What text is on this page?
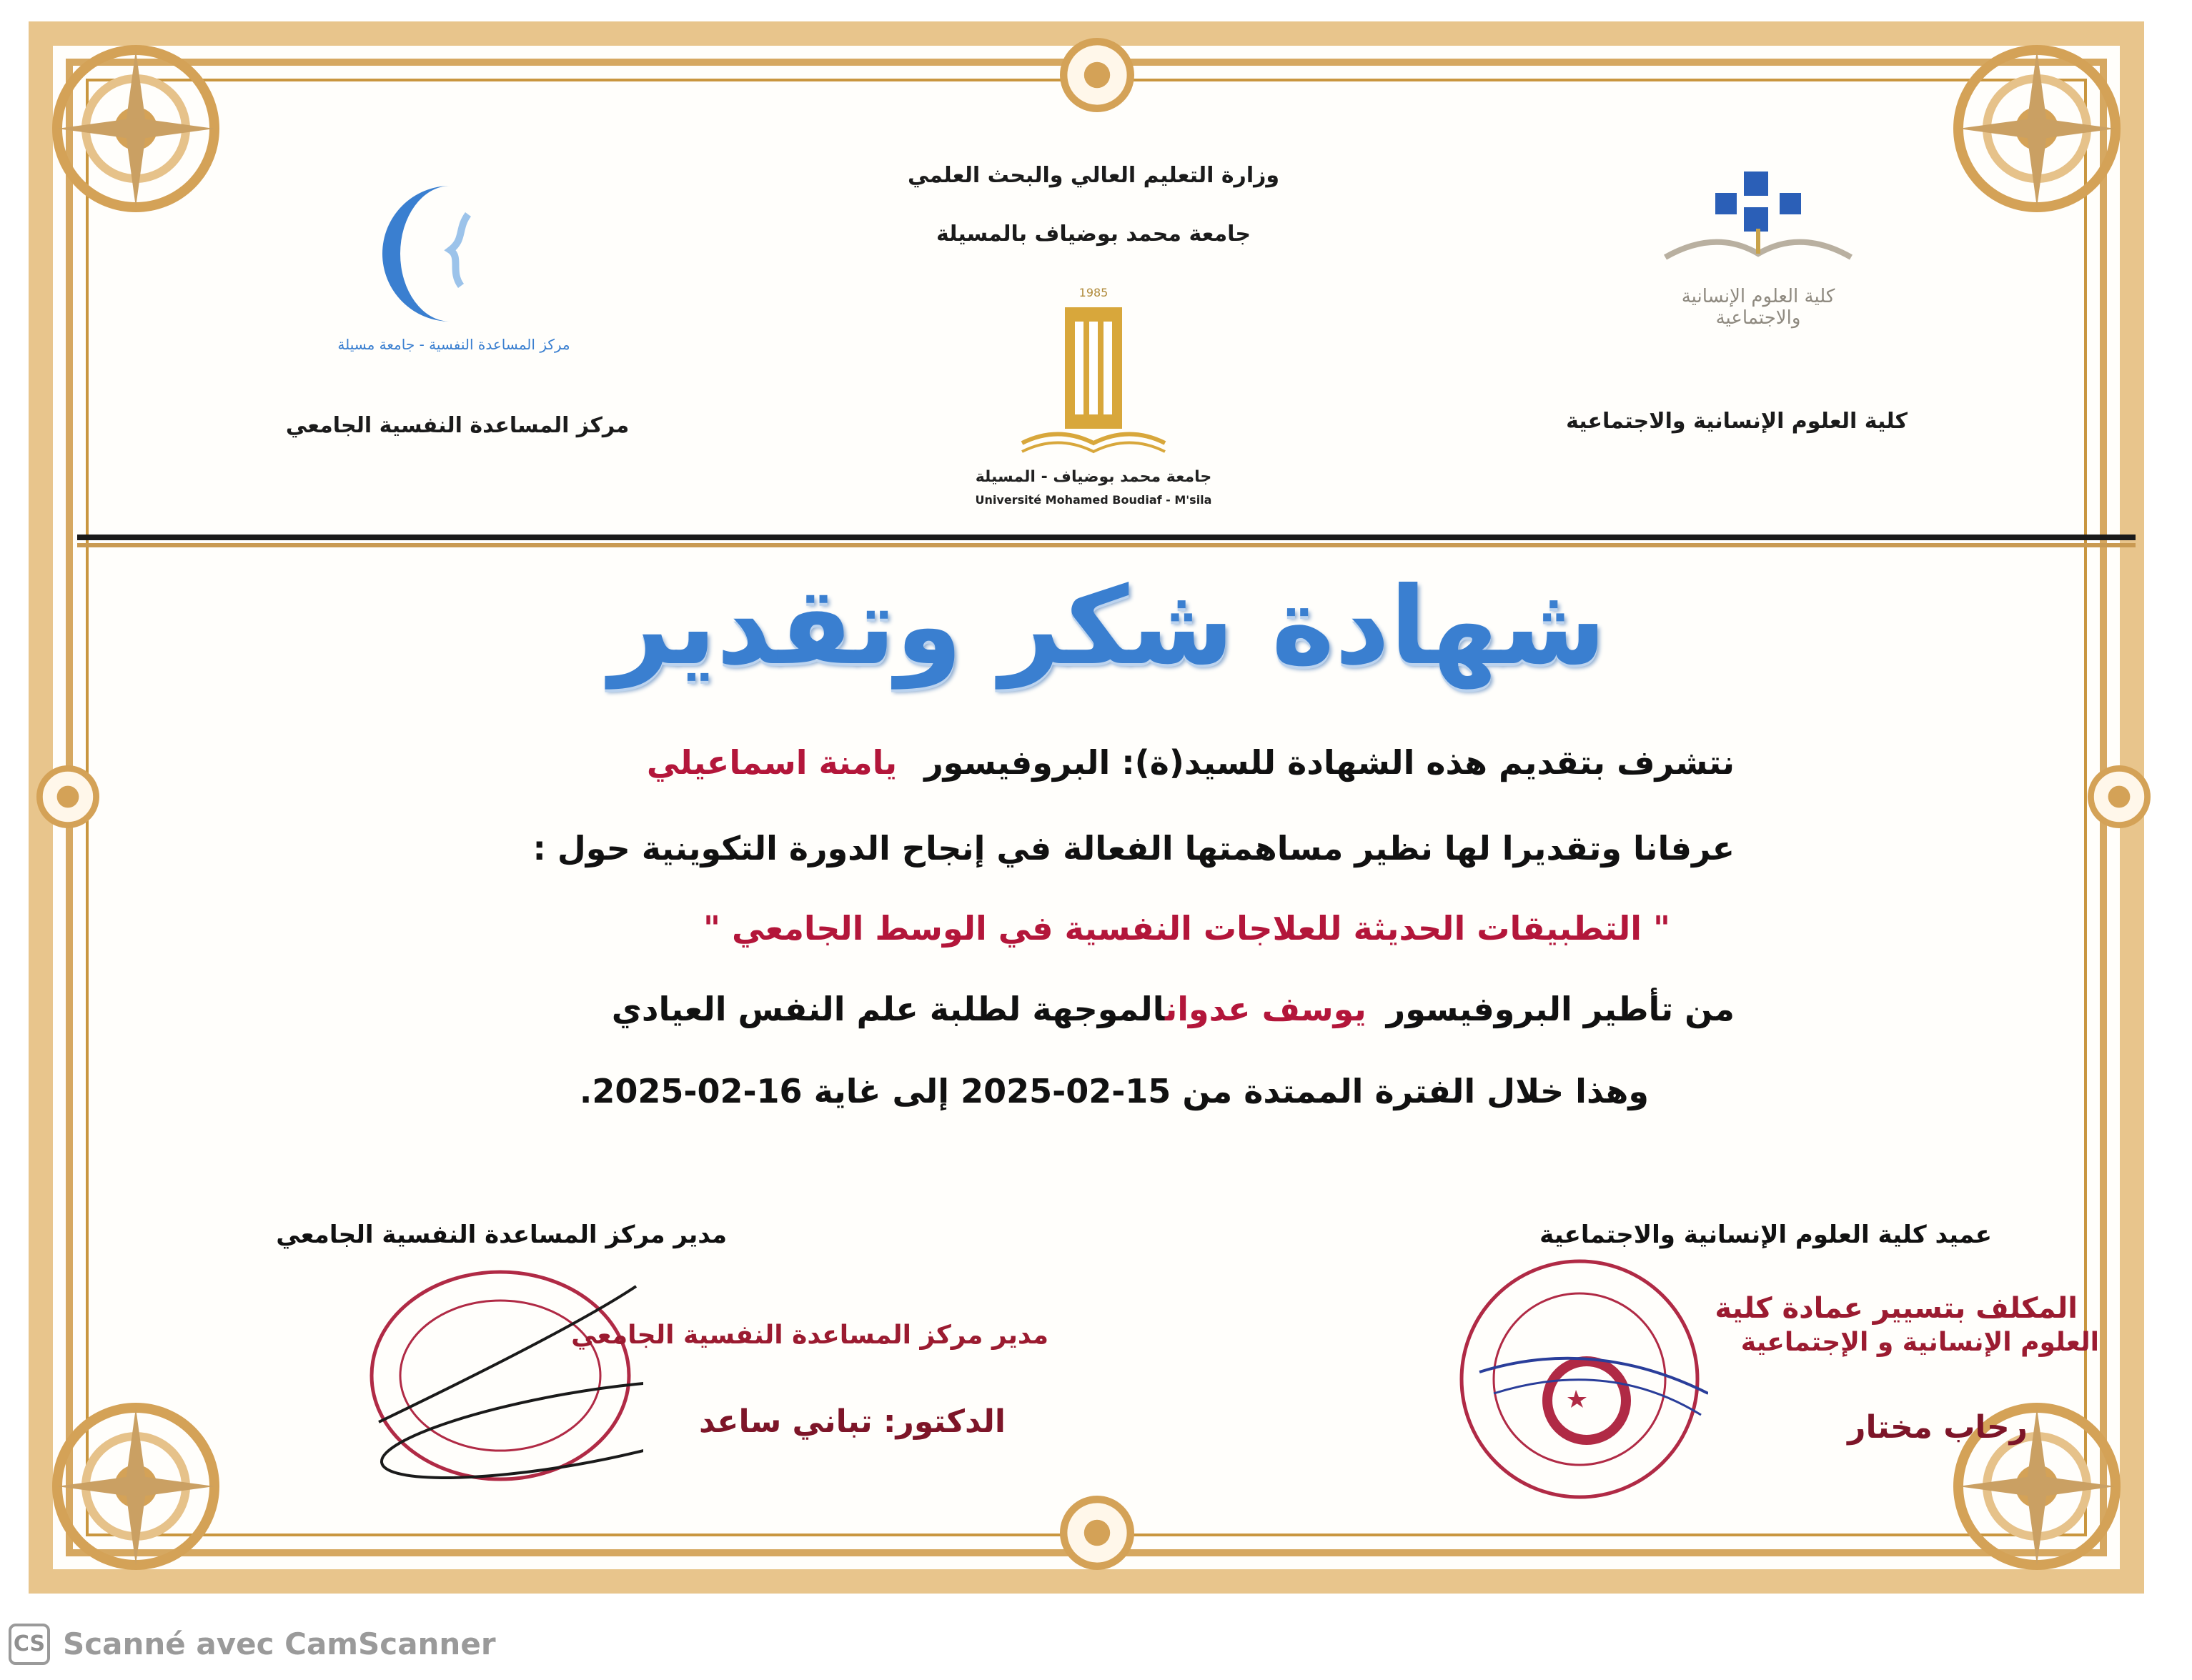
وزارة التعليم العالي والبحث العلمي
جامعة محمد بوضياف بالمسيلة
مركز المساعدة النفسية - جامعة مسيلة
مركز المساعدة النفسية الجامعي
1985
جامعة محمد بوضياف - المسيلة
Université Mohamed Boudiaf - M'sila
كلية العلوم الإنسانية والاجتماعية
كلية العلوم الإنسانية والاجتماعية
شهادة شكر وتقدير
نتشرف بتقديم هذه الشهادة للسيد(ة): البروفيسور يامنة اسماعيلي
عرفانا وتقديرا لها نظير مساهمتها الفعالة في إنجاح الدورة التكوينية حول :
" التطبيقات الحديثة للعلاجات النفسية في الوسط الجامعي "
من تأطير البروفيسور يوسف عدوانالموجهة لطلبة علم النفس العيادي
وهذا خلال الفترة الممتدة من 15-02-2025 إلى غاية 16-02-2025.
مدير مركز المساعدة النفسية الجامعي
مدير مركز المساعدة النفسية الجامعي
الدكتور: تباني ساعد
عميد كلية العلوم الإنسانية والاجتماعية
المكلف بتسيير عمادة كلية
العلوم الإنسانية و الإجتماعية
رحاب مختار
CS Scanné avec CamScanner
